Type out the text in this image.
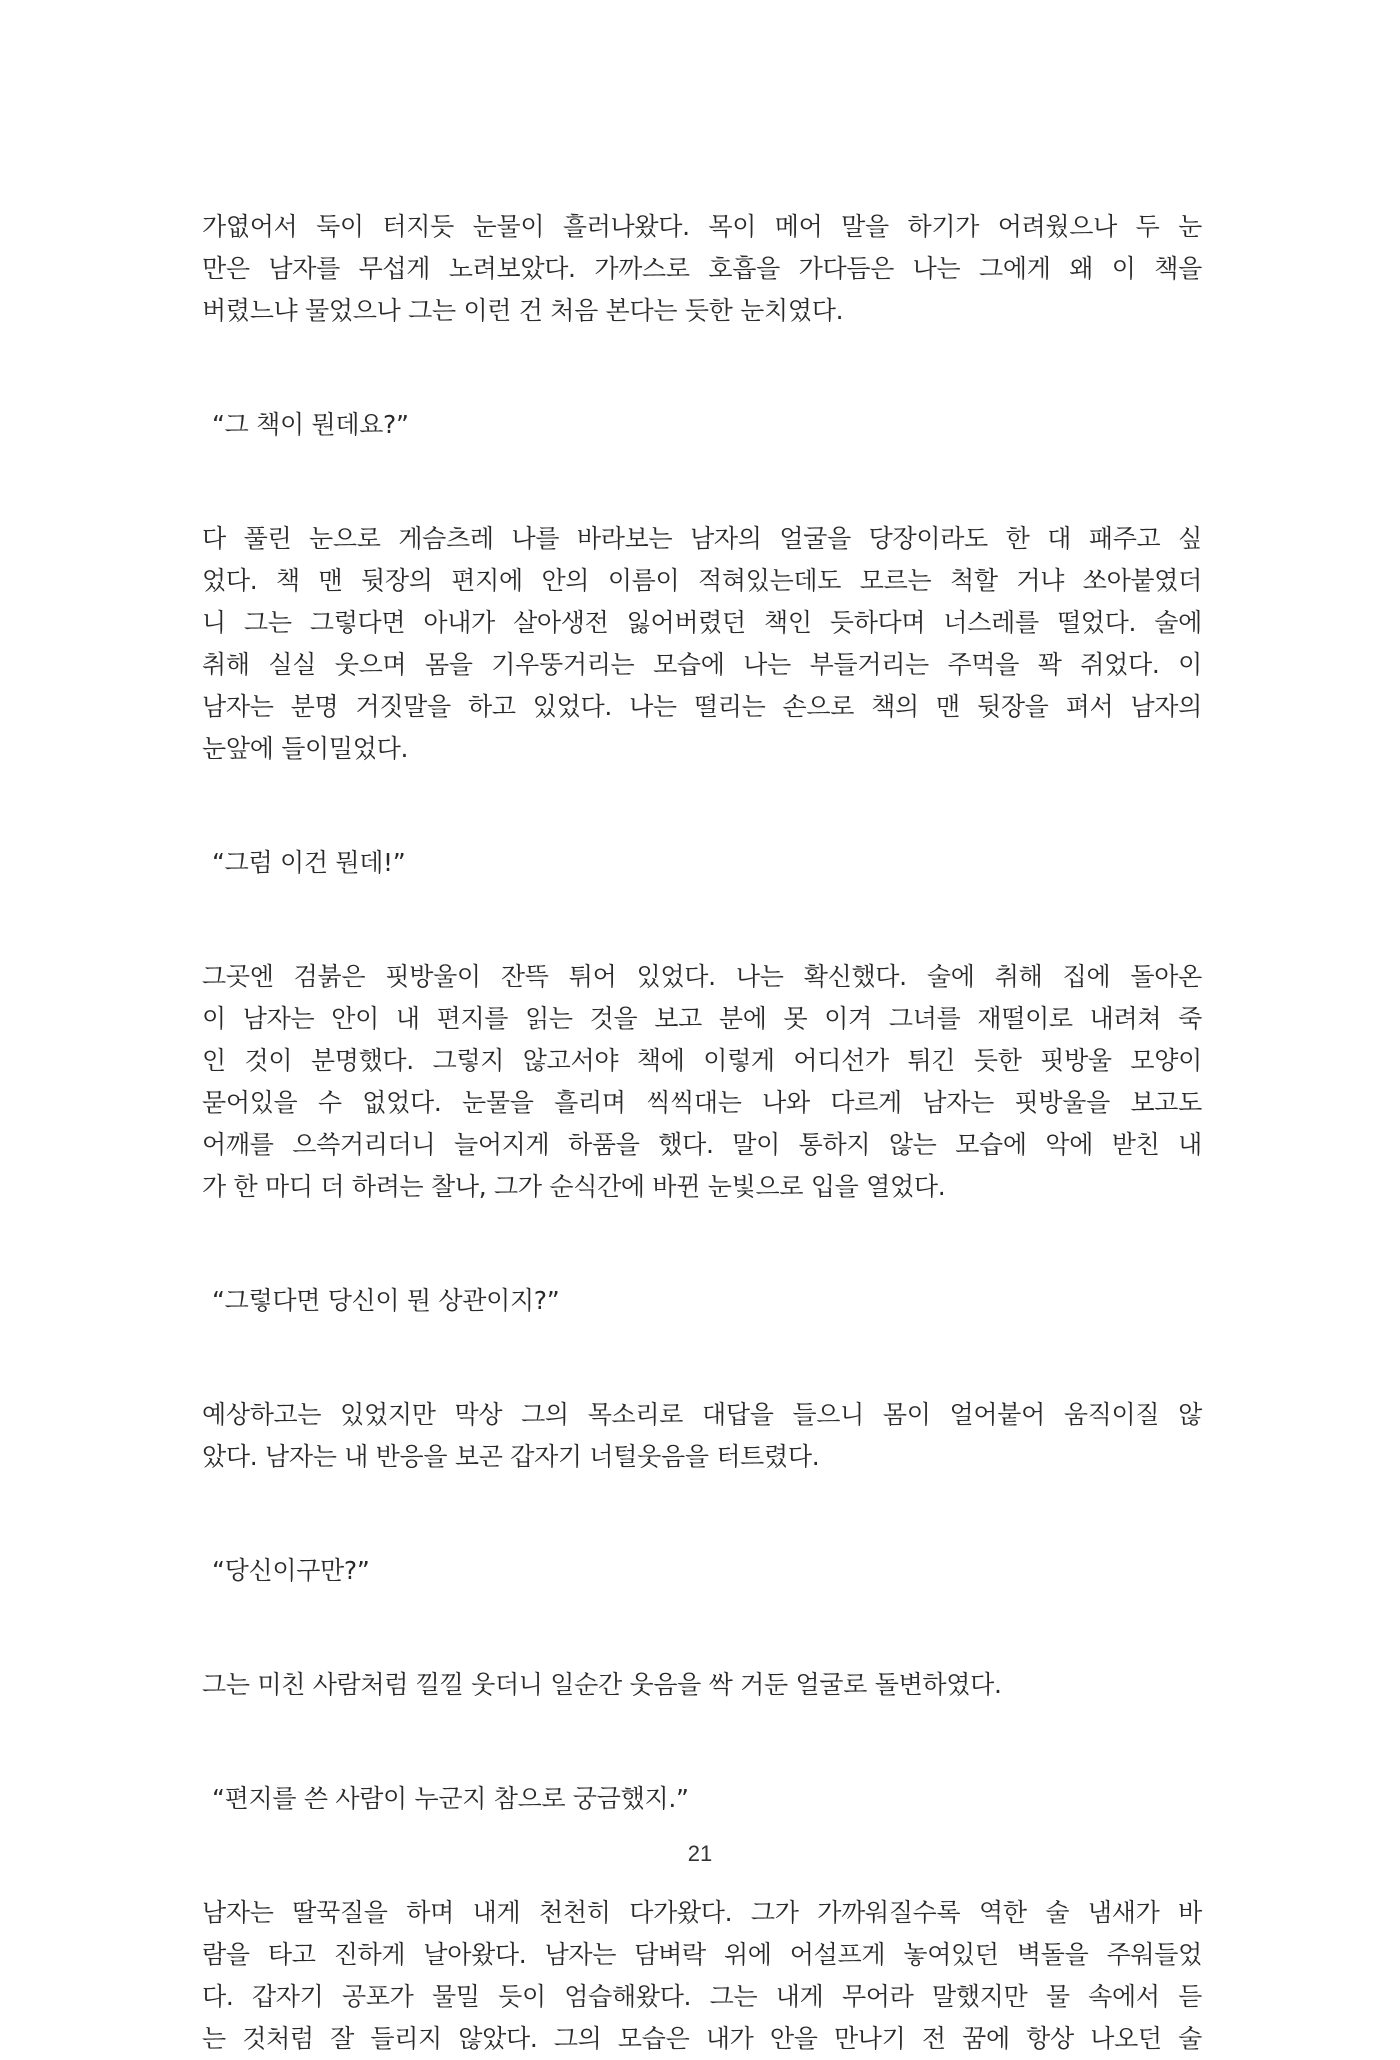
가엾어서 둑이 터지듯 눈물이 흘러나왔다. 목이 메어 말을 하기가 어려웠으나 두 눈
만은 남자를 무섭게 노려보았다. 가까스로 호흡을 가다듬은 나는 그에게 왜 이 책을
버렸느냐 물었으나 그는 이런 건 처음 본다는 듯한 눈치였다.

“그 책이 뭔데요?”

다 풀린 눈으로 게슴츠레 나를 바라보는 남자의 얼굴을 당장이라도 한 대 패주고 싶
었다. 책 맨 뒷장의 편지에 안의 이름이 적혀있는데도 모르는 척할 거냐 쏘아붙였더
니 그는 그렇다면 아내가 살아생전 잃어버렸던 책인 듯하다며 너스레를 떨었다. 술에
취해 실실 웃으며 몸을 기우뚱거리는 모습에 나는 부들거리는 주먹을 꽉 쥐었다. 이
남자는 분명 거짓말을 하고 있었다. 나는 떨리는 손으로 책의 맨 뒷장을 펴서 남자의
눈앞에 들이밀었다.

“그럼 이건 뭔데!”

그곳엔 검붉은 핏방울이 잔뜩 튀어 있었다. 나는 확신했다. 술에 취해 집에 돌아온
이 남자는 안이 내 편지를 읽는 것을 보고 분에 못 이겨 그녀를 재떨이로 내려쳐 죽
인 것이 분명했다. 그렇지 않고서야 책에 이렇게 어디선가 튀긴 듯한 핏방울 모양이
묻어있을 수 없었다. 눈물을 흘리며 씩씩대는 나와 다르게 남자는 핏방울을 보고도
어깨를 으쓱거리더니 늘어지게 하품을 했다. 말이 통하지 않는 모습에 악에 받친 내
가 한 마디 더 하려는 찰나, 그가 순식간에 바뀐 눈빛으로 입을 열었다.

“그렇다면 당신이 뭔 상관이지?”

예상하고는 있었지만 막상 그의 목소리로 대답을 들으니 몸이 얼어붙어 움직이질 않
았다. 남자는 내 반응을 보곤 갑자기 너털웃음을 터트렸다.

“당신이구만?”

그는 미친 사람처럼 낄낄 웃더니 일순간 웃음을 싹 거둔 얼굴로 돌변하였다.

“편지를 쓴 사람이 누군지 참으로 궁금했지.”

남자는 딸꾹질을 하며 내게 천천히 다가왔다. 그가 가까워질수록 역한 술 냄새가 바
람을 타고 진하게 날아왔다. 남자는 담벼락 위에 어설프게 놓여있던 벽돌을 주워들었
다. 갑자기 공포가 물밀 듯이 엄습해왔다. 그는 내게 무어라 말했지만 물 속에서 듣
는 것처럼 잘 들리지 않았다. 그의 모습은 내가 안을 만나기 전 꿈에 항상 나오던 술

21
